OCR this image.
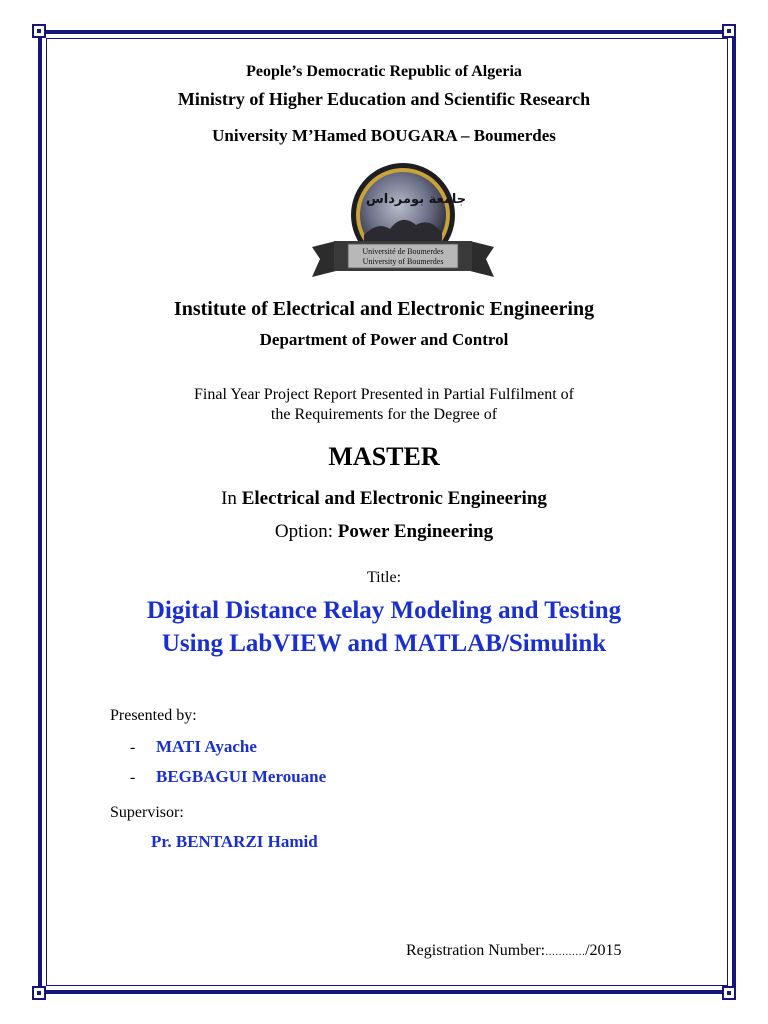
People’s Democratic Republic of Algeria
Ministry of Higher Education and Scientific Research
University M’Hamed BOUGARA – Boumerdes
جامعة بومرداس
Université de Boumerdes
University of Boumerdes
Institute of Electrical and Electronic Engineering
Department of Power and Control
Final Year Project Report Presented in Partial Fulfilment of
the Requirements for the Degree of
MASTER
In Electrical and Electronic Engineering
Option: Power Engineering
Title:
Digital Distance Relay Modeling and Testing
Using LabVIEW and MATLAB/Simulink
Presented by:
- MATI Ayache
- BEGBAGUI Merouane
Supervisor:
Pr. BENTARZI Hamid
Registration Number:…………/2015
